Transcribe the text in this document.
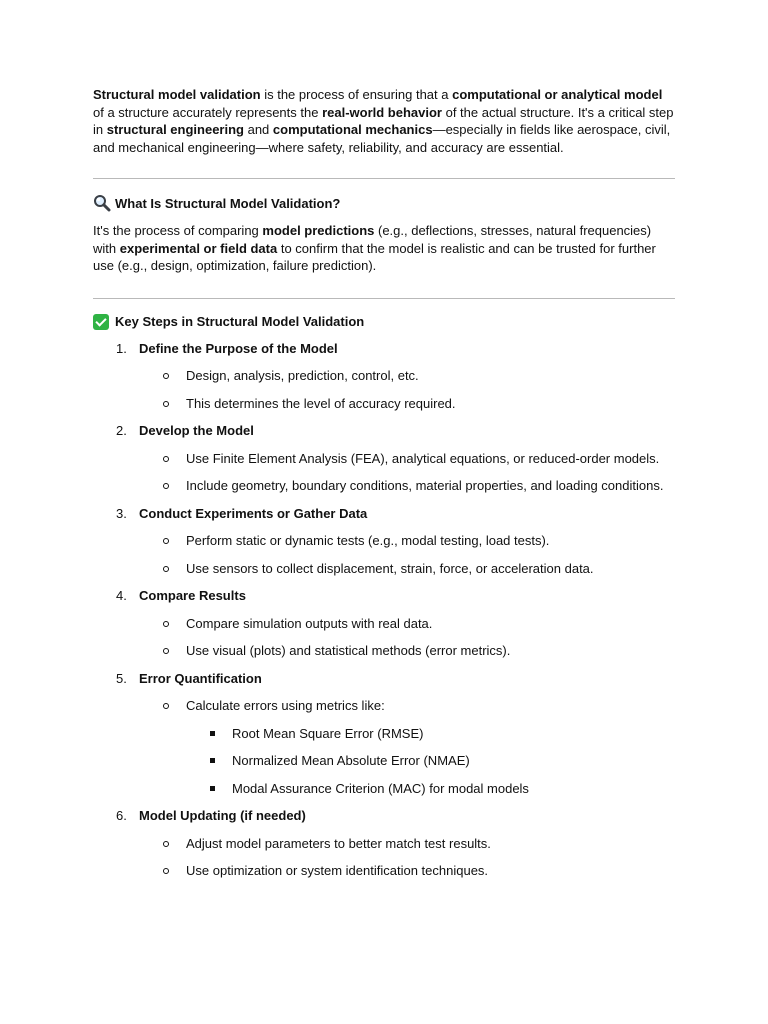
Structural model validation is the process of ensuring that a computational or analytical model of a structure accurately represents the real-world behavior of the actual structure. It's a critical step in structural engineering and computational mechanics—especially in fields like aerospace, civil, and mechanical engineering—where safety, reliability, and accuracy are essential.

What Is Structural Model Validation?

It's the process of comparing model predictions (e.g., deflections, stresses, natural frequencies) with experimental or field data to confirm that the model is realistic and can be trusted for further use (e.g., design, optimization, failure prediction).

Key Steps in Structural Model Validation
1. Define the Purpose of the Model
Design, analysis, prediction, control, etc.
This determines the level of accuracy required.
2. Develop the Model
Use Finite Element Analysis (FEA), analytical equations, or reduced-order models.
Include geometry, boundary conditions, material properties, and loading conditions.
3. Conduct Experiments or Gather Data
Perform static or dynamic tests (e.g., modal testing, load tests).
Use sensors to collect displacement, strain, force, or acceleration data.
4. Compare Results
Compare simulation outputs with real data.
Use visual (plots) and statistical methods (error metrics).
5. Error Quantification
Calculate errors using metrics like:
Root Mean Square Error (RMSE)
Normalized Mean Absolute Error (NMAE)
Modal Assurance Criterion (MAC) for modal models
6. Model Updating (if needed)
Adjust model parameters to better match test results.
Use optimization or system identification techniques.
